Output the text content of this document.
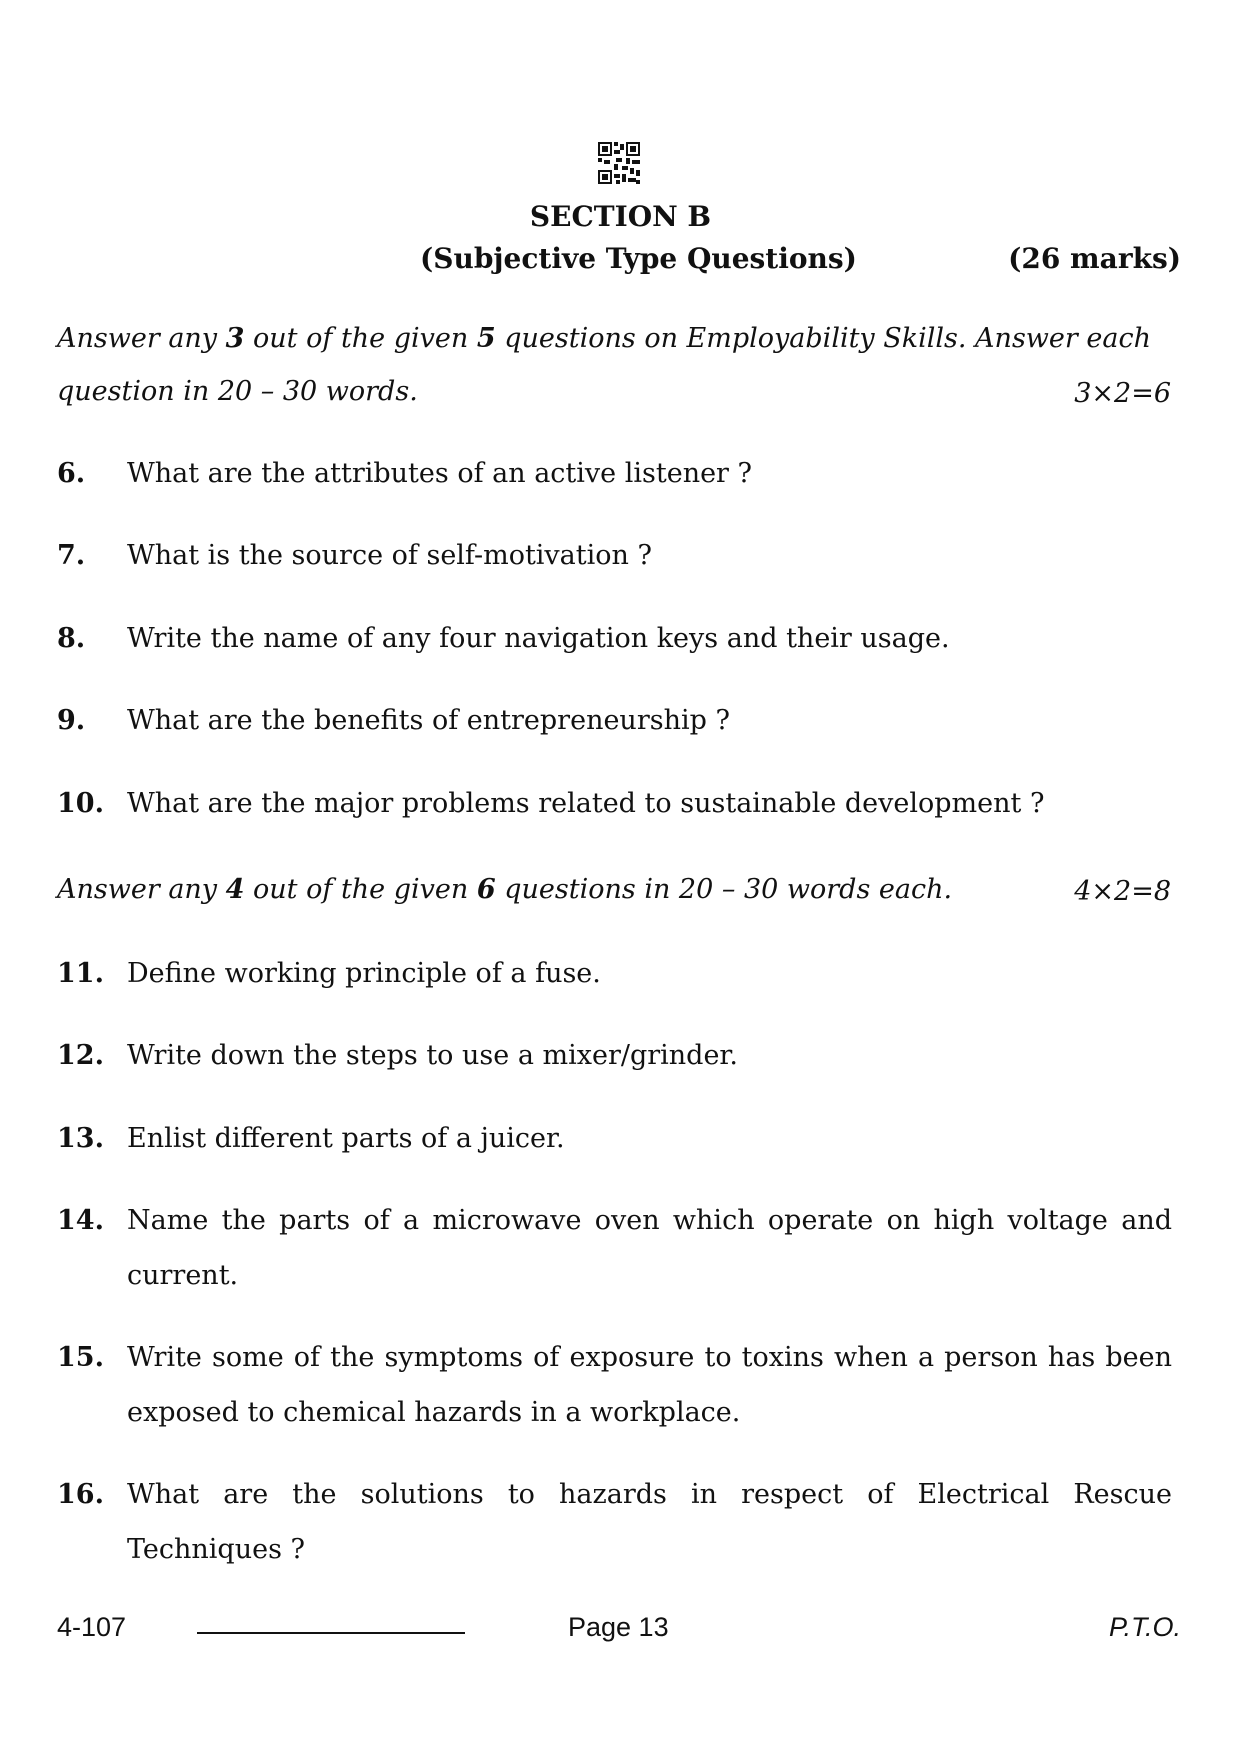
SECTION B
(Subjective Type Questions)	(26 marks)
Answer any 3 out of the given 5 questions on Employability Skills. Answer each
question in 20 – 30 words.	3×2=6
6. What are the attributes of an active listener ?
7. What is the source of self-motivation ?
8. Write the name of any four navigation keys and their usage.
9. What are the benefits of entrepreneurship ?
10. What are the major problems related to sustainable development ?
Answer any 4 out of the given 6 questions in 20 – 30 words each.	4×2=8
11. Define working principle of a fuse.
12. Write down the steps to use a mixer/grinder.
13. Enlist different parts of a juicer.
14. Name the parts of a microwave oven which operate on high voltage and
current.
15. Write some of the symptoms of exposure to toxins when a person has been
exposed to chemical hazards in a workplace.
16. What are the solutions to hazards in respect of Electrical Rescue
Techniques ?
4-107	Page 13	P.T.O.
